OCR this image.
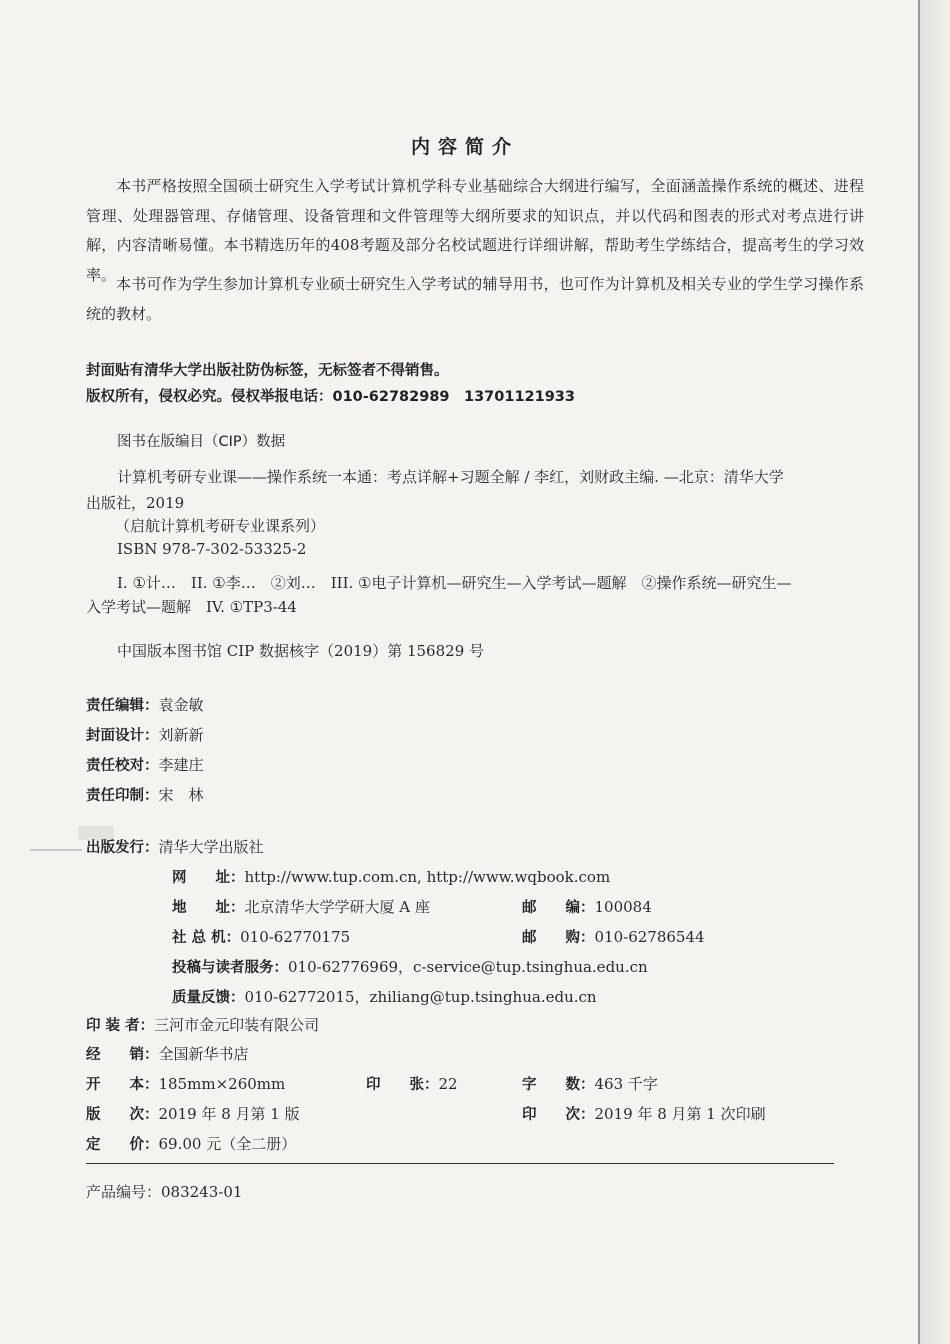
内容简介
本书严格按照全国硕士研究生入学考试计算机学科专业基础综合大纲进行编写，全面涵盖操作系统的概述、进程管理、处理器管理、存储管理、设备管理和文件管理等大纲所要求的知识点，并以代码和图表的形式对考点进行讲解，内容清晰易懂。本书精选历年的408考题及部分名校试题进行详细讲解，帮助考生学练结合，提高考生的学习效率。
本书可作为学生参加计算机专业硕士研究生入学考试的辅导用书，也可作为计算机及相关专业的学生学习操作系统的教材。
封面贴有清华大学出版社防伪标签，无标签者不得销售。
版权所有，侵权必究。侵权举报电话：010-62782989　13701121933
图书在版编目（CIP）数据
计算机考研专业课——操作系统一本通：考点详解+习题全解 / 李红，刘财政主编. —北京：清华大学
出版社，2019
（启航计算机考研专业课系列）
ISBN 978-7-302-53325-2
I. ①计…　II. ①李…　②刘…　III. ①电子计算机—研究生—入学考试—题解　②操作系统—研究生—
入学考试—题解　IV. ①TP3-44
中国版本图书馆 CIP 数据核字（2019）第 156829 号
责任编辑：袁金敏
封面设计：刘新新
责任校对：李建庄
责任印制：宋　林
出版发行：清华大学出版社
网　　址：http://www.tup.com.cn, http://www.wqbook.com
地　　址：北京清华大学学研大厦 A 座	邮　　编：100084
社 总 机：010-62770175	邮　　购：010-62786544
投稿与读者服务：010-62776969，c-service@tup.tsinghua.edu.cn
质量反馈：010-62772015，zhiliang@tup.tsinghua.edu.cn
印 装 者：三河市金元印装有限公司
经　　销：全国新华书店
开　　本：185mm×260mm	印　　张：22	字　　数：463 千字
版　　次：2019 年 8 月第 1 版	印　　次：2019 年 8 月第 1 次印刷
定　　价：69.00 元（全二册）
产品编号：083243-01
